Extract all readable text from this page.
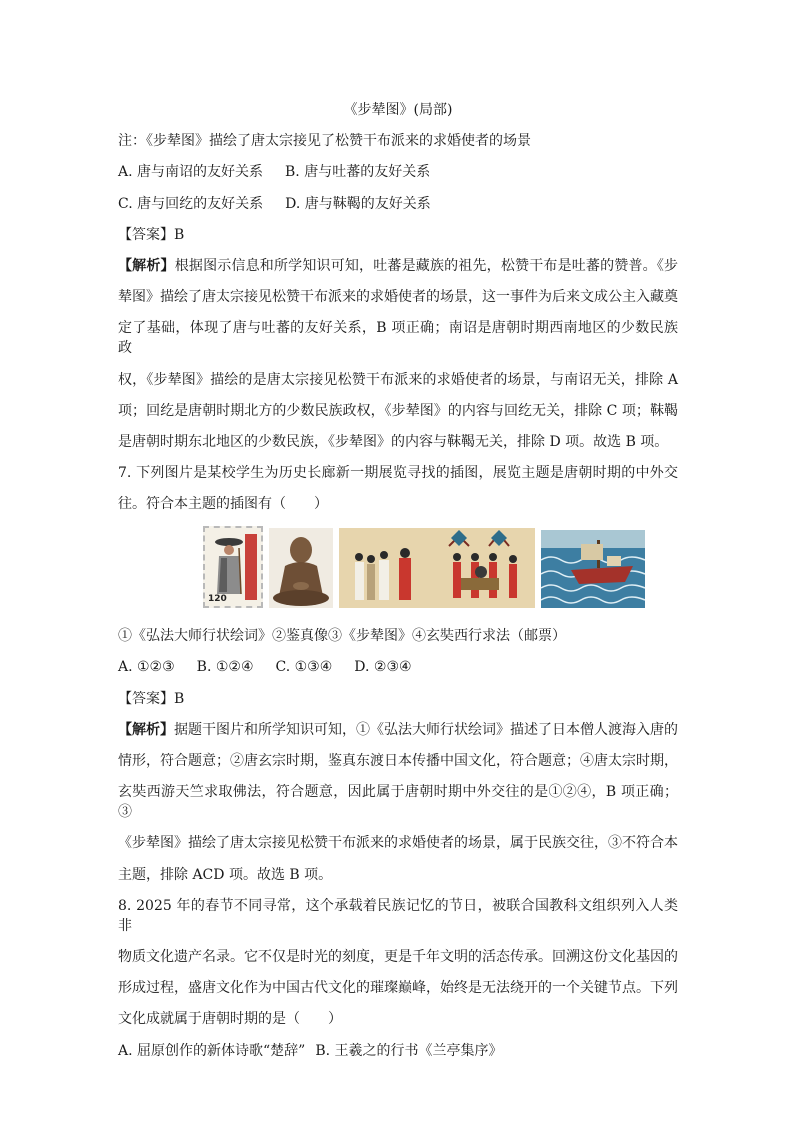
《步辇图》(局部)
注：《步辇图》描绘了唐太宗接见了松赞干布派来的求婚使者的场景
A. 唐与南诏的友好关系 B. 唐与吐蕃的友好关系
C. 唐与回纥的友好关系 D. 唐与靺鞨的友好关系
【答案】B
【解析】根据图示信息和所学知识可知，吐蕃是藏族的祖先，松赞干布是吐蕃的赞普。《步
辇图》描绘了唐太宗接见松赞干布派来的求婚使者的场景，这一事件为后来文成公主入藏奠
定了基础，体现了唐与吐蕃的友好关系，B 项正确；南诏是唐朝时期西南地区的少数民族政
权，《步辇图》描绘的是唐太宗接见松赞干布派来的求婚使者的场景，与南诏无关，排除 A
项；回纥是唐朝时期北方的少数民族政权，《步辇图》的内容与回纥无关，排除 C 项；靺鞨
是唐朝时期东北地区的少数民族，《步辇图》的内容与靺鞨无关，排除 D 项。故选 B 项。
7. 下列图片是某校学生为历史长廊新一期展览寻找的插图，展览主题是唐朝时期的中外交
往。符合本主题的插图有（　　）
120
①《弘法大师行状绘词》②鉴真像③《步辇图》④玄奘西行求法（邮票）
A. ①②③ B. ①②④ C. ①③④ D. ②③④
【答案】B
【解析】据题干图片和所学知识可知，①《弘法大师行状绘词》描述了日本僧人渡海入唐的
情形，符合题意；②唐玄宗时期，鉴真东渡日本传播中国文化，符合题意；④唐太宗时期，
玄奘西游天竺求取佛法，符合题意，因此属于唐朝时期中外交往的是①②④，B 项正确；③
《步辇图》描绘了唐太宗接见松赞干布派来的求婚使者的场景，属于民族交往，③不符合本
主题，排除 ACD 项。故选 B 项。
8. 2025 年的春节不同寻常，这个承载着民族记忆的节日，被联合国教科文组织列入人类非
物质文化遗产名录。它不仅是时光的刻度，更是千年文明的活态传承。回溯这份文化基因的
形成过程，盛唐文化作为中国古代文化的璀璨巅峰，始终是无法绕开的一个关键节点。下列
文化成就属于唐朝时期的是（　　）
A. 屈原创作的新体诗歌“楚辞” B. 王羲之的行书《兰亭集序》
